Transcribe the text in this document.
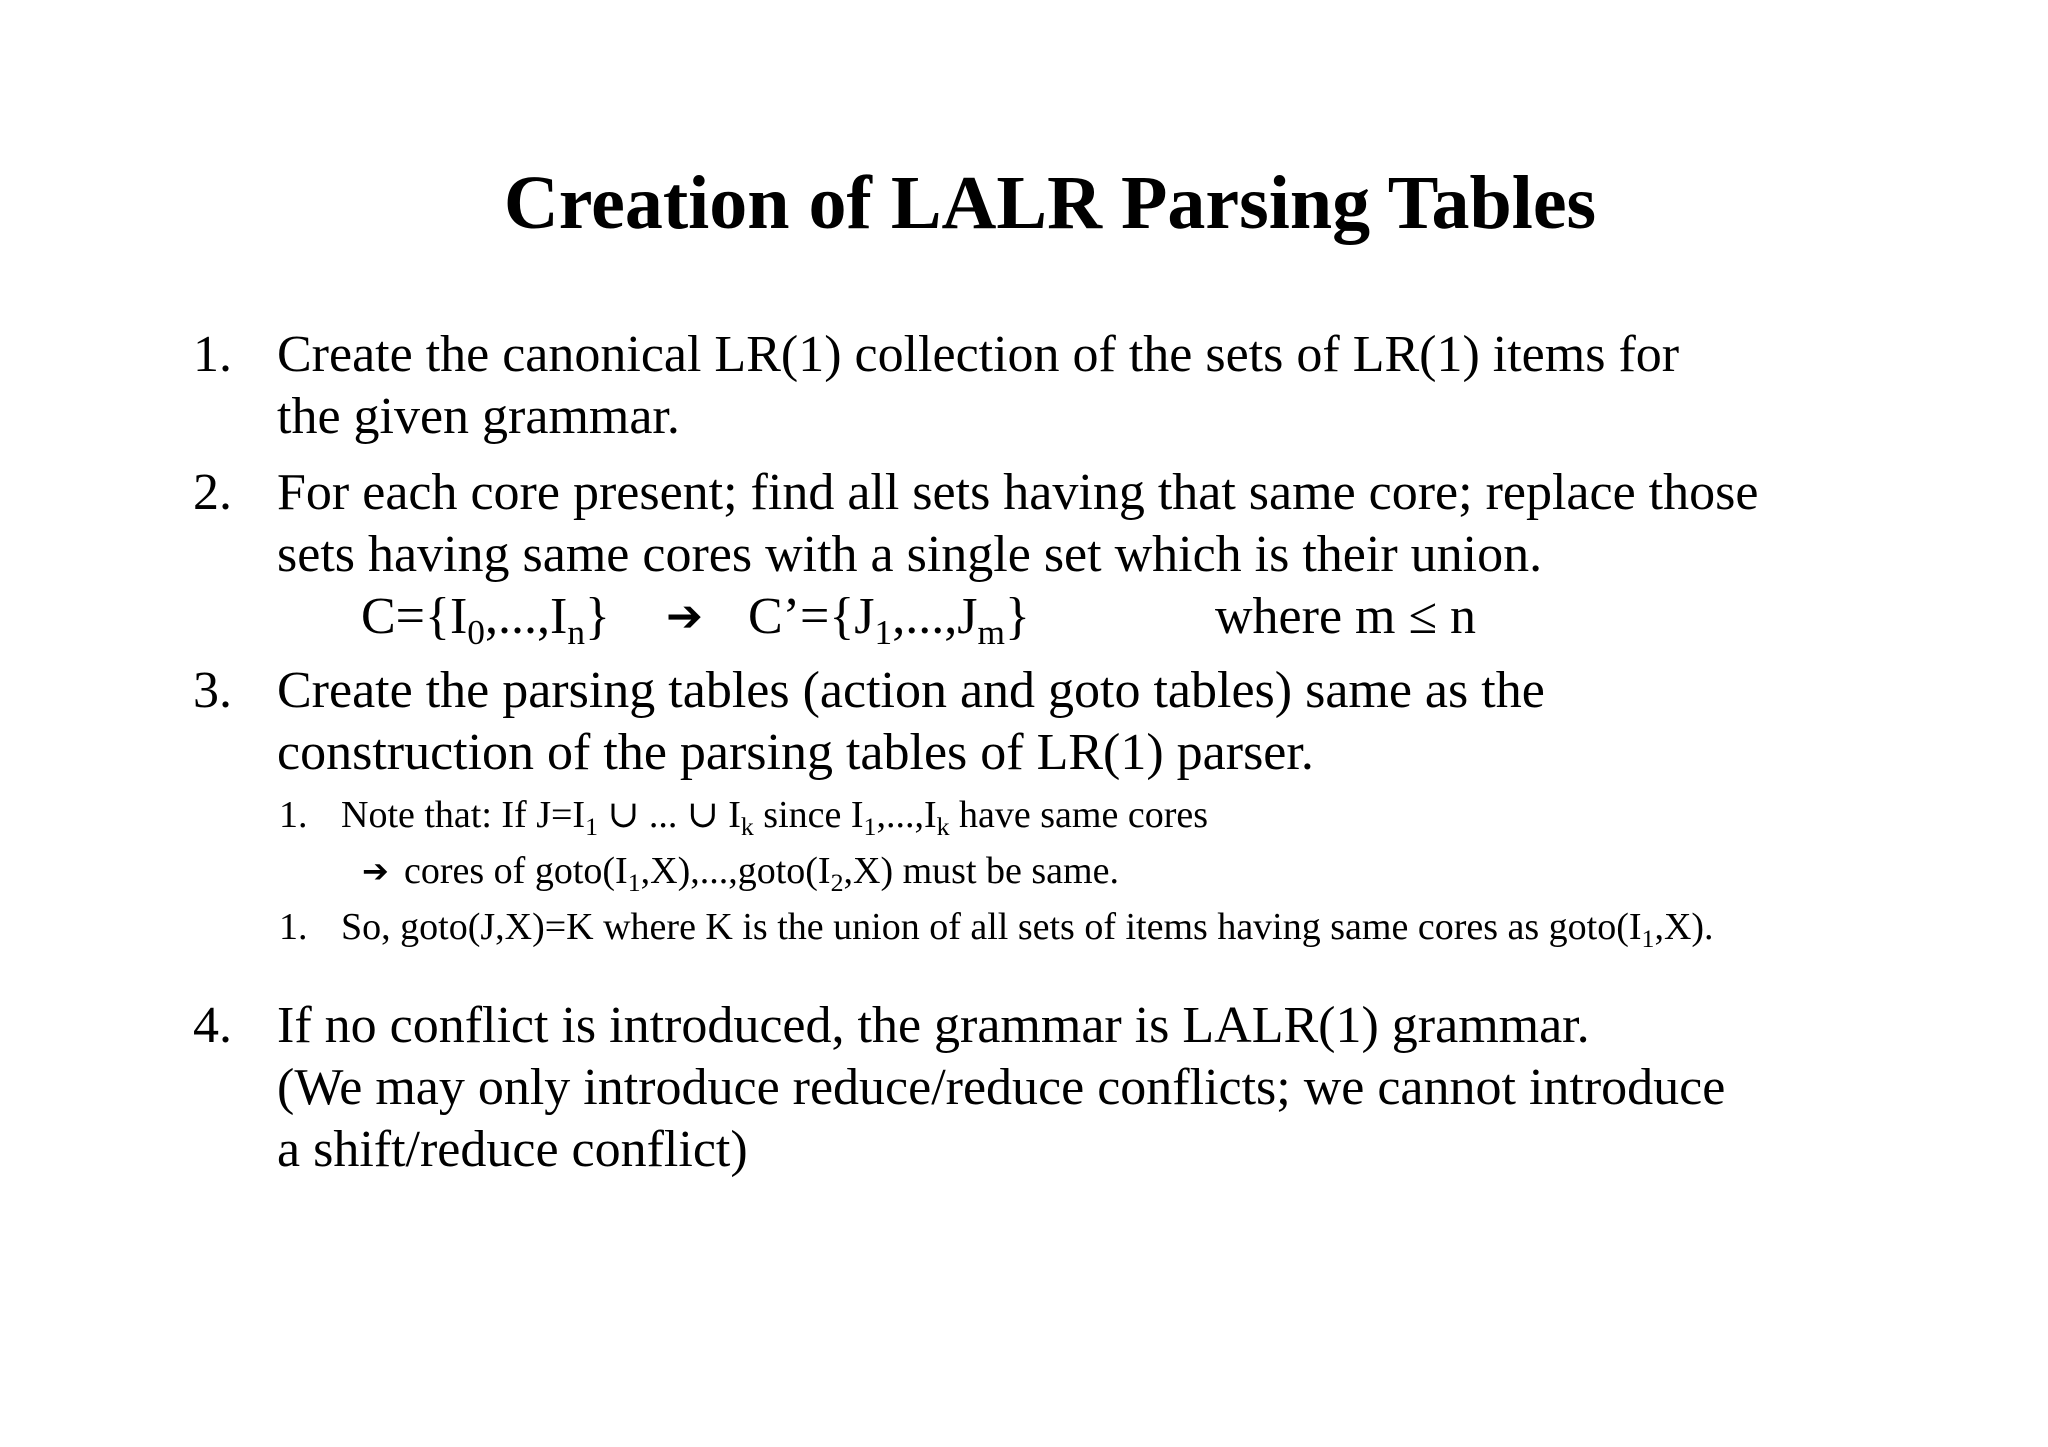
Creation of LALR Parsing Tables
1. Create the canonical LR(1) collection of the sets of LR(1) items for
the given grammar.
2. For each core present; find all sets having that same core; replace those
sets having same cores with a single set which is their union.
$C=\{I_0,...,I_n\}$ ➔ $C’=\{J_1,...,J_m\}$	where m ≤ n
3. Create the parsing tables (action and goto tables) same as the
construction of the parsing tables of LR(1) parser.
1. Note that: If $J=I_1$ ∪ ... ∪ $I_k$ since $I_1,...,I_k$ have same cores
➔ cores of $goto(I_1,X),...,goto(I_2,X)$ must be same.
1. So, goto(J,X)=K where K is the union of all sets of items having same cores as $goto(I_1,X)$.
4. If no conflict is introduced, the grammar is LALR(1) grammar.
(We may only introduce reduce/reduce conflicts; we cannot introduce
a shift/reduce conflict)
